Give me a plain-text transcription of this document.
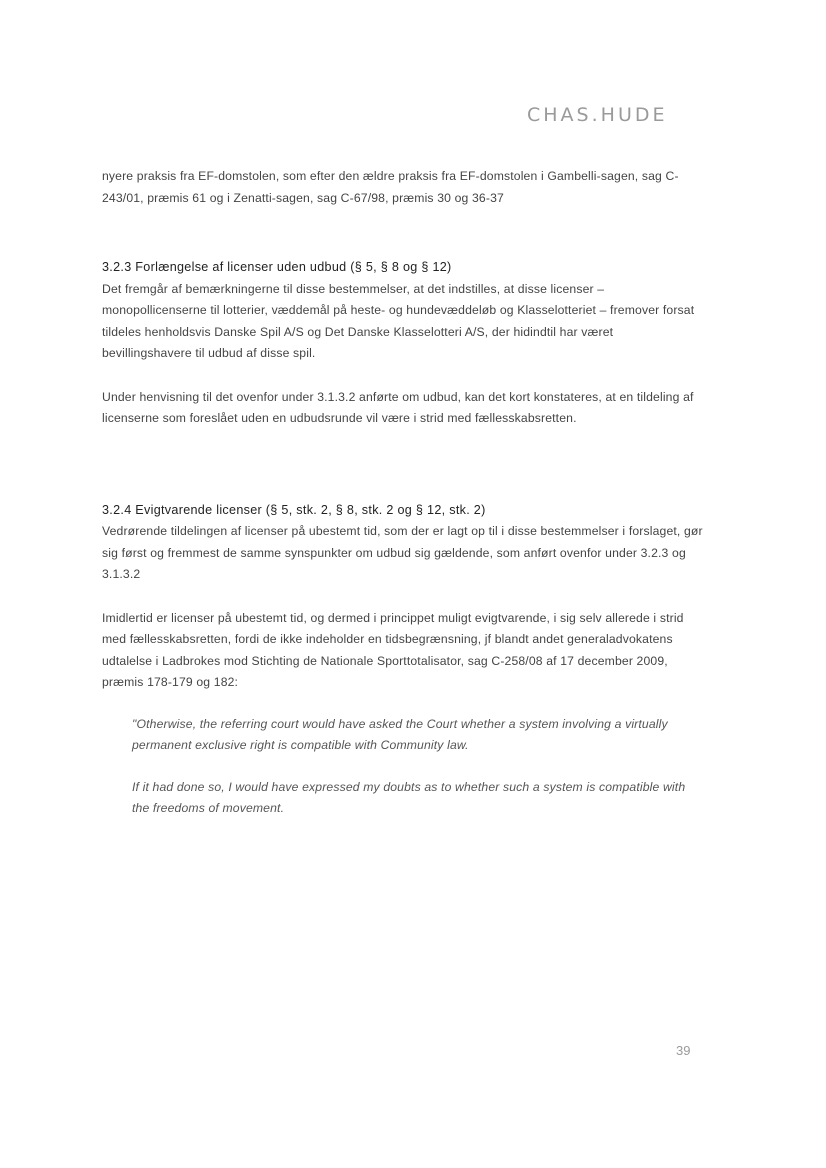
CHAS.HUDE

nyere praksis fra EF-domstolen, som efter den ældre praksis fra EF-domstolen i Gambelli-sagen, sag C-243/01, præmis 61 og i Zenatti-sagen, sag C-67/98, præmis 30 og 36-37

3.2.3 Forlængelse af licenser uden udbud (§ 5, § 8 og § 12)

Det fremgår af bemærkningerne til disse bestemmelser, at det indstilles, at disse licenser – monopollicenserne til lotterier, væddemål på heste- og hundevæddeløb og Klasselotteriet – fremover forsat tildeles henholdsvis Danske Spil A/S og Det Danske Klasselotteri A/S, der hidindtil har været bevillingshavere til udbud af disse spil.

Under henvisning til det ovenfor under 3.1.3.2 anførte om udbud, kan det kort konstateres, at en tildeling af licenserne som foreslået uden en udbudsrunde vil være i strid med fællesskabsretten.

3.2.4 Evigtvarende licenser (§ 5, stk. 2, § 8, stk. 2 og § 12, stk. 2)

Vedrørende tildelingen af licenser på ubestemt tid, som der er lagt op til i disse bestemmelser i forslaget, gør sig først og fremmest de samme synspunkter om udbud sig gældende, som anført ovenfor under 3.2.3 og 3.1.3.2

Imidlertid er licenser på ubestemt tid, og dermed i princippet muligt evigtvarende, i sig selv allerede i strid med fællesskabsretten, fordi de ikke indeholder en tidsbegrænsning, jf blandt andet generaladvokatens udtalelse i Ladbrokes mod Stichting de Nationale Sporttotalisator, sag C-258/08 af 17 december 2009, præmis 178-179 og 182:

"Otherwise, the referring court would have asked the Court whether a system involving a virtually permanent exclusive right is compatible with Community law.

If it had done so, I would have expressed my doubts as to whether such a system is compatible with the freedoms of movement.

39
